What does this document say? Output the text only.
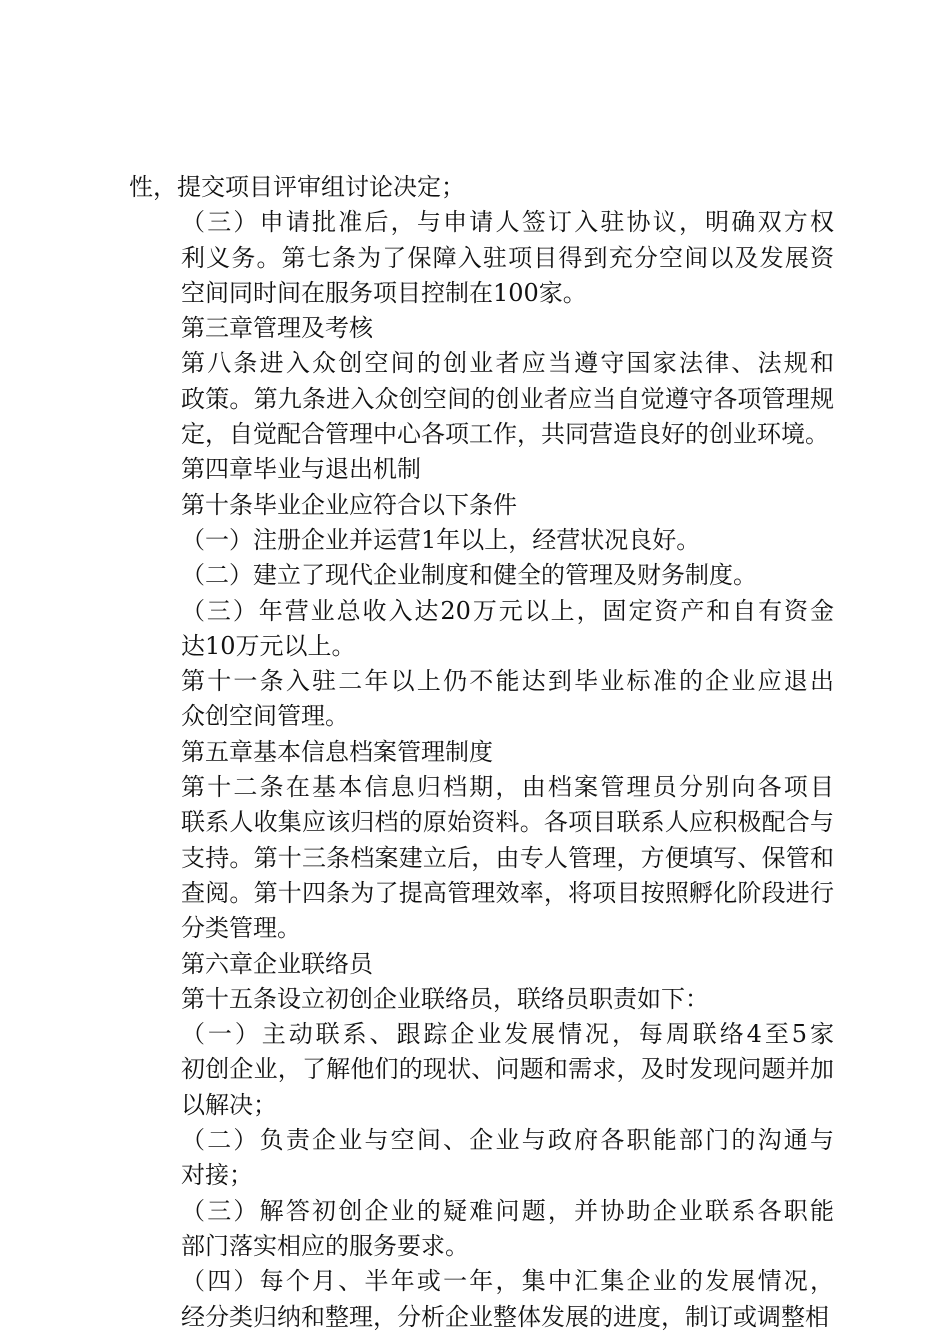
性，提交项目评审组讨论决定；
（三）申请批准后，与申请人签订入驻协议，明确双方权
利义务。第七条为了保障入驻项目得到充分空间以及发展资
空间同时间在服务项目控制在100家。
第三章管理及考核
第八条进入众创空间的创业者应当遵守国家法律、法规和
政策。第九条进入众创空间的创业者应当自觉遵守各项管理规
定，自觉配合管理中心各项工作，共同营造良好的创业环境。
第四章毕业与退出机制
第十条毕业企业应符合以下条件
（一）注册企业并运营1年以上，经营状况良好。
（二）建立了现代企业制度和健全的管理及财务制度。
（三）年营业总收入达20万元以上，固定资产和自有资金
达10万元以上。
第十一条入驻二年以上仍不能达到毕业标准的企业应退出
众创空间管理。
第五章基本信息档案管理制度
第十二条在基本信息归档期，由档案管理员分别向各项目
联系人收集应该归档的原始资料。各项目联系人应积极配合与
支持。第十三条档案建立后，由专人管理，方便填写、保管和
查阅。第十四条为了提高管理效率，将项目按照孵化阶段进行
分类管理。
第六章企业联络员
第十五条设立初创企业联络员，联络员职责如下：
（一）主动联系、跟踪企业发展情况，每周联络4至5家
初创企业，了解他们的现状、问题和需求，及时发现问题并加
以解决；
（二）负责企业与空间、企业与政府各职能部门的沟通与
对接；
（三）解答初创企业的疑难问题，并协助企业联系各职能
部门落实相应的服务要求。
（四）每个月、半年或一年，集中汇集企业的发展情况，
经分类归纳和整理，分析企业整体发展的进度，制订或调整相
